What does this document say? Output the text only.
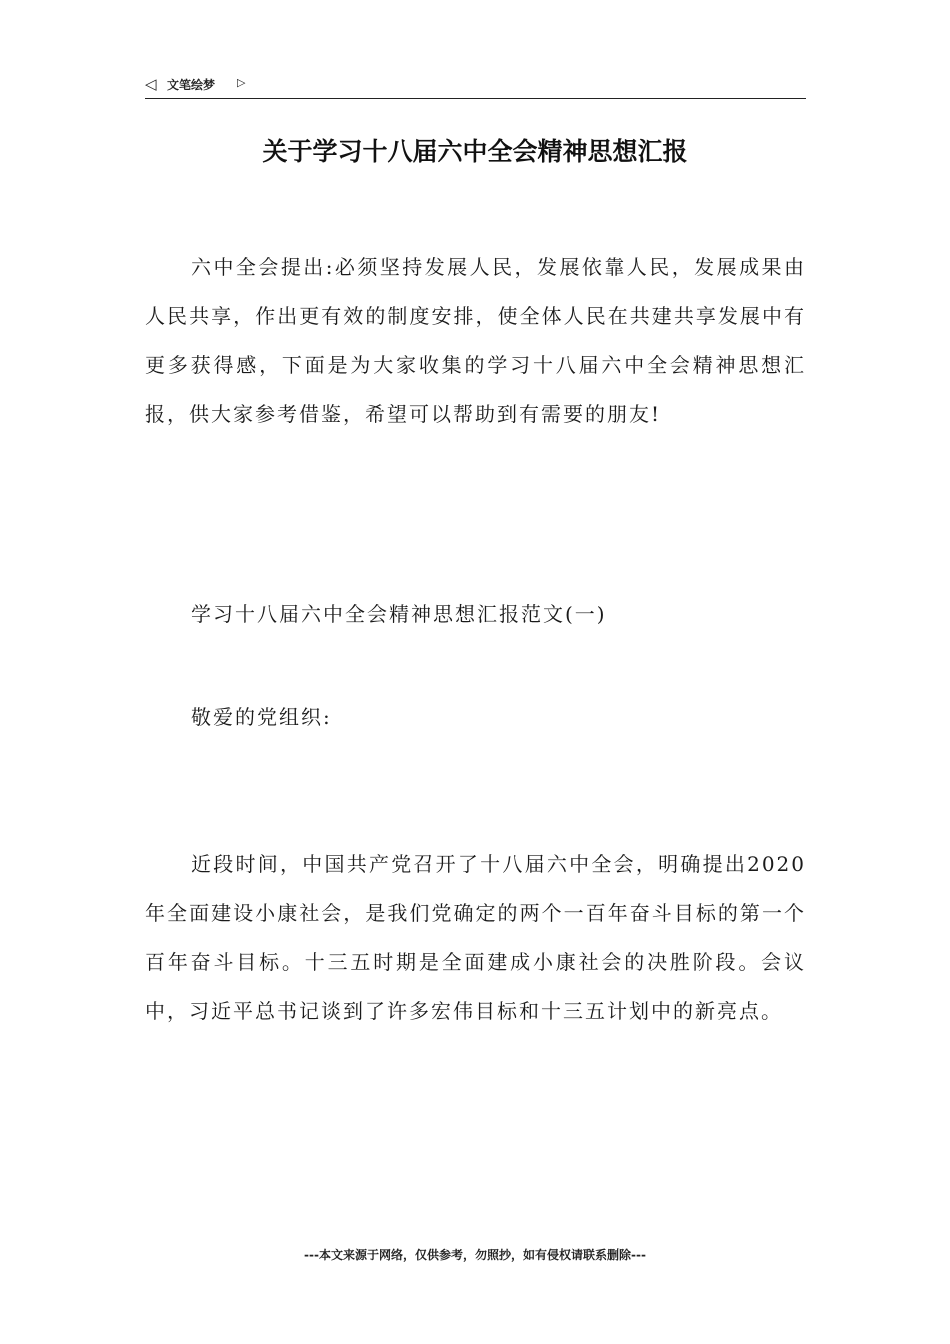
◁ 文笔绘梦 ▷
关于学习十八届六中全会精神思想汇报

六中全会提出:必须坚持发展人民，发展依靠人民，发展成果由人民共享，作出更有效的制度安排，使全体人民在共建共享发展中有更多获得感，下面是为大家收集的学习十八届六中全会精神思想汇报，供大家参考借鉴，希望可以帮助到有需要的朋友!

学习十八届六中全会精神思想汇报范文(一)

敬爱的党组织:

近段时间，中国共产党召开了十八届六中全会，明确提出2020年全面建设小康社会，是我们党确定的两个一百年奋斗目标的第一个百年奋斗目标。十三五时期是全面建成小康社会的决胜阶段。会议中，习近平总书记谈到了许多宏伟目标和十三五计划中的新亮点。

---本文来源于网络，仅供参考，勿照抄，如有侵权请联系删除---
